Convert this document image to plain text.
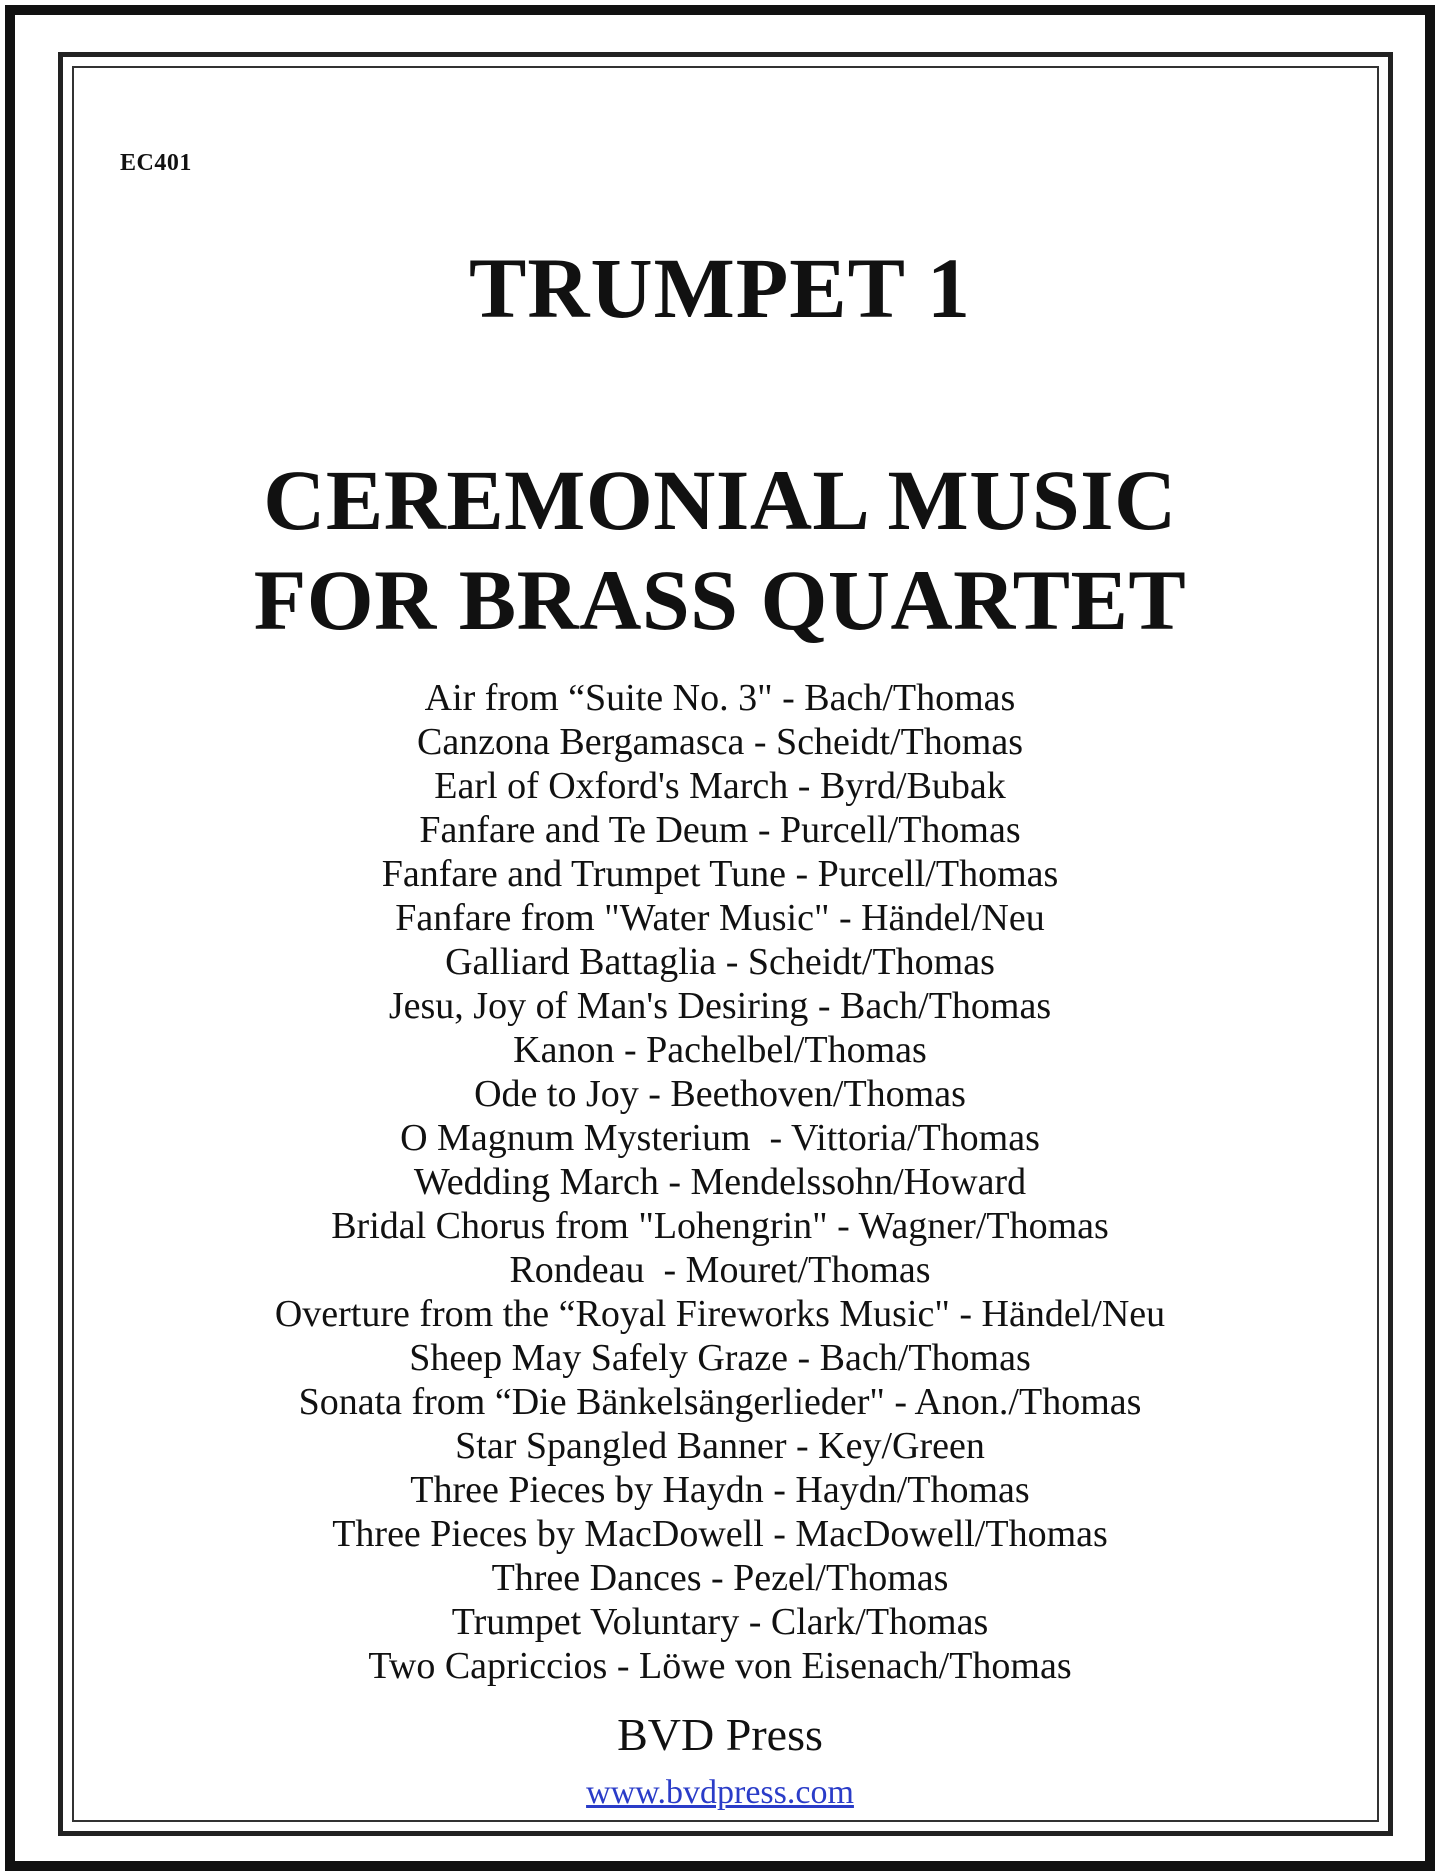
EC401
TRUMPET 1
CEREMONIAL MUSIC
FOR BRASS QUARTET
Air from “Suite No. 3" - Bach/Thomas
Canzona Bergamasca - Scheidt/Thomas
Earl of Oxford's March - Byrd/Bubak
Fanfare and Te Deum - Purcell/Thomas
Fanfare and Trumpet Tune - Purcell/Thomas
Fanfare from "Water Music" - Händel/Neu
Galliard Battaglia - Scheidt/Thomas
Jesu, Joy of Man's Desiring - Bach/Thomas
Kanon - Pachelbel/Thomas
Ode to Joy - Beethoven/Thomas
O Magnum Mysterium  - Vittoria/Thomas
Wedding March - Mendelssohn/Howard
Bridal Chorus from "Lohengrin" - Wagner/Thomas
Rondeau  - Mouret/Thomas
Overture from the “Royal Fireworks Music" - Händel/Neu
Sheep May Safely Graze - Bach/Thomas
Sonata from “Die Bänkelsängerlieder" - Anon./Thomas
Star Spangled Banner - Key/Green
Three Pieces by Haydn - Haydn/Thomas
Three Pieces by MacDowell - MacDowell/Thomas
Three Dances - Pezel/Thomas
Trumpet Voluntary - Clark/Thomas
Two Capriccios - Löwe von Eisenach/Thomas
BVD Press
www.bvdpress.com
